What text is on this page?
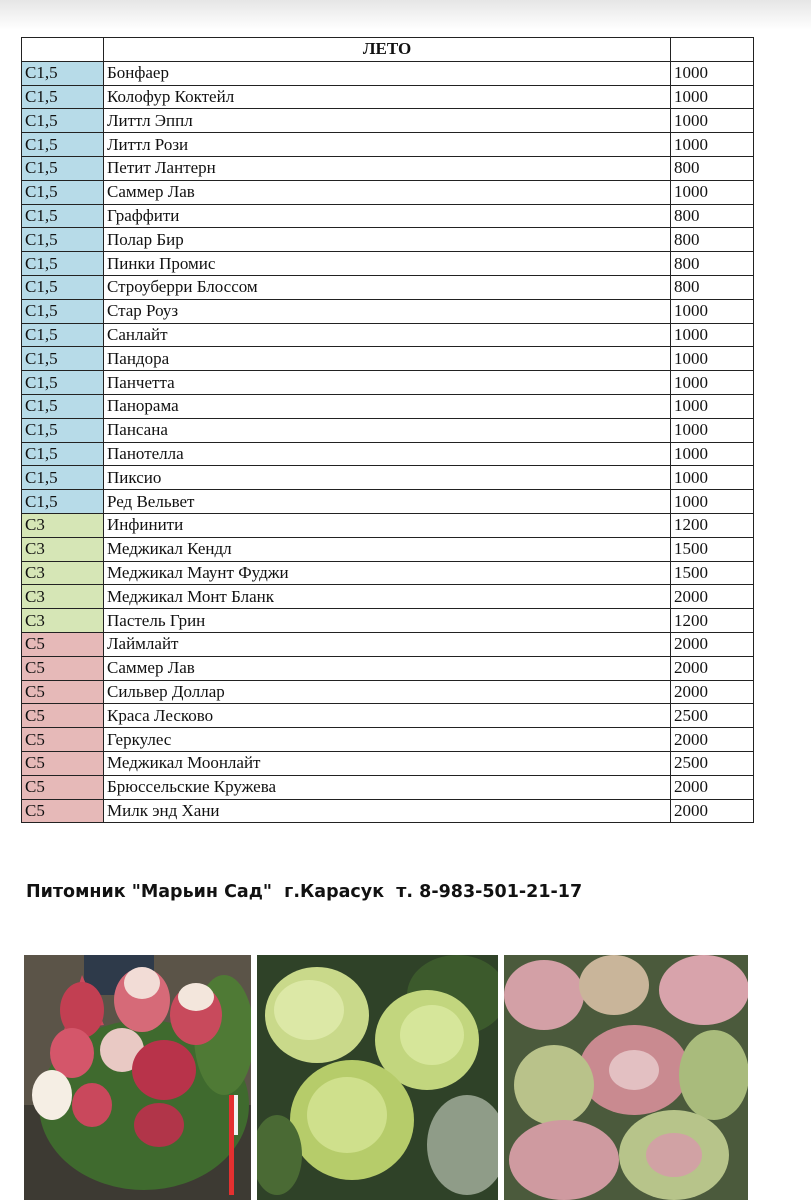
	ЛЕТО	
С1,5	Бонфаер	1000
С1,5	Колофур Коктейл	1000
С1,5	Литтл Эппл	1000
С1,5	Литтл Рози	1000
С1,5	Петит Лантерн	800
С1,5	Саммер Лав	1000
С1,5	Граффити	800
С1,5	Полар Бир	800
С1,5	Пинки Промис	800
С1,5	Строуберри Блоссом	800
С1,5	Стар Роуз	1000
С1,5	Санлайт	1000
С1,5	Пандора	1000
С1,5	Панчетта	1000
С1,5	Панорама	1000
С1,5	Пансана	1000
С1,5	Панотелла	1000
С1,5	Пиксио	1000
С1,5	Ред Вельвет	1000
С3	Инфинити	1200
С3	Меджикал Кендл	1500
С3	Меджикал Маунт Фуджи	1500
С3	Меджикал Монт Бланк	2000
С3	Пастель Грин	1200
С5	Лаймлайт	2000
С5	Саммер Лав	2000
С5	Сильвер Доллар	2000
С5	Краса Лесково	2500
С5	Геркулес	2000
С5	Меджикал Моонлайт	2500
С5	Брюссельские Кружева	2000
С5	Милк энд Хани	2000
Питомник "Марьин Сад" г.Карасук т. 8-983-501-21-17
